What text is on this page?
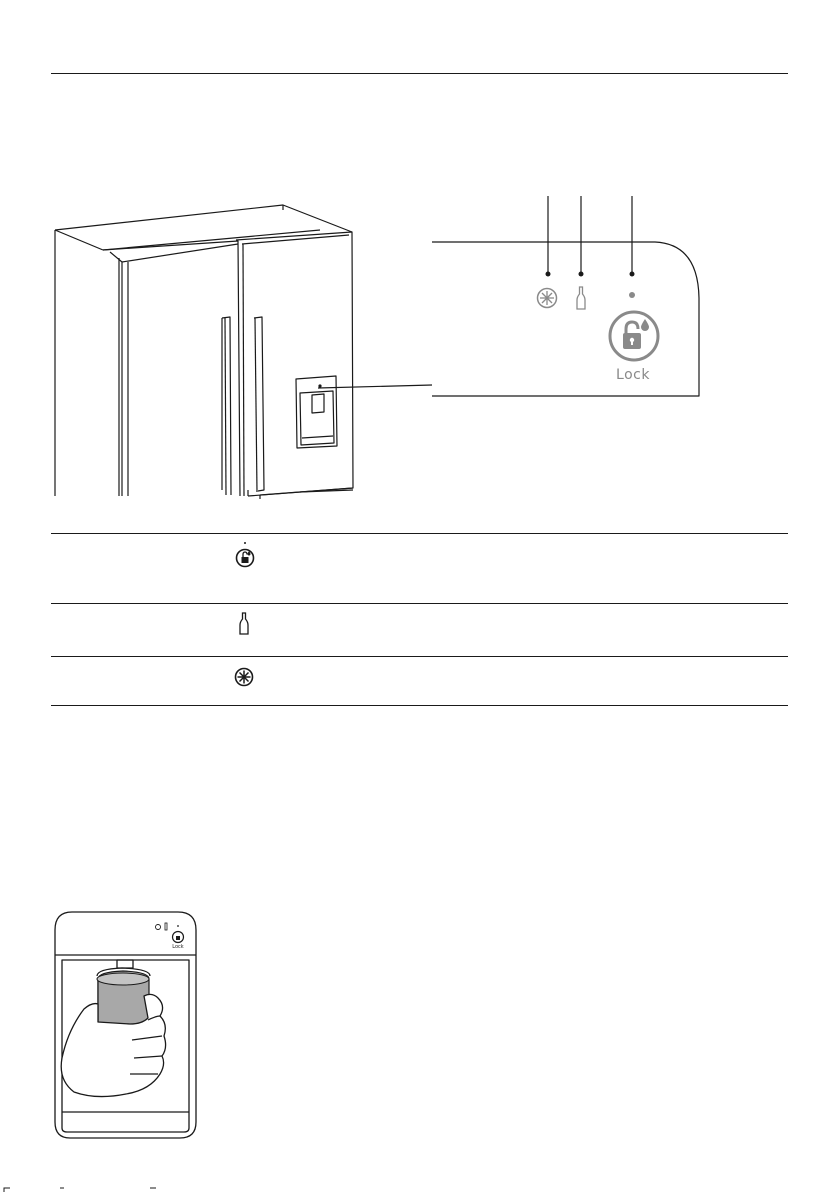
Lock
Lock
